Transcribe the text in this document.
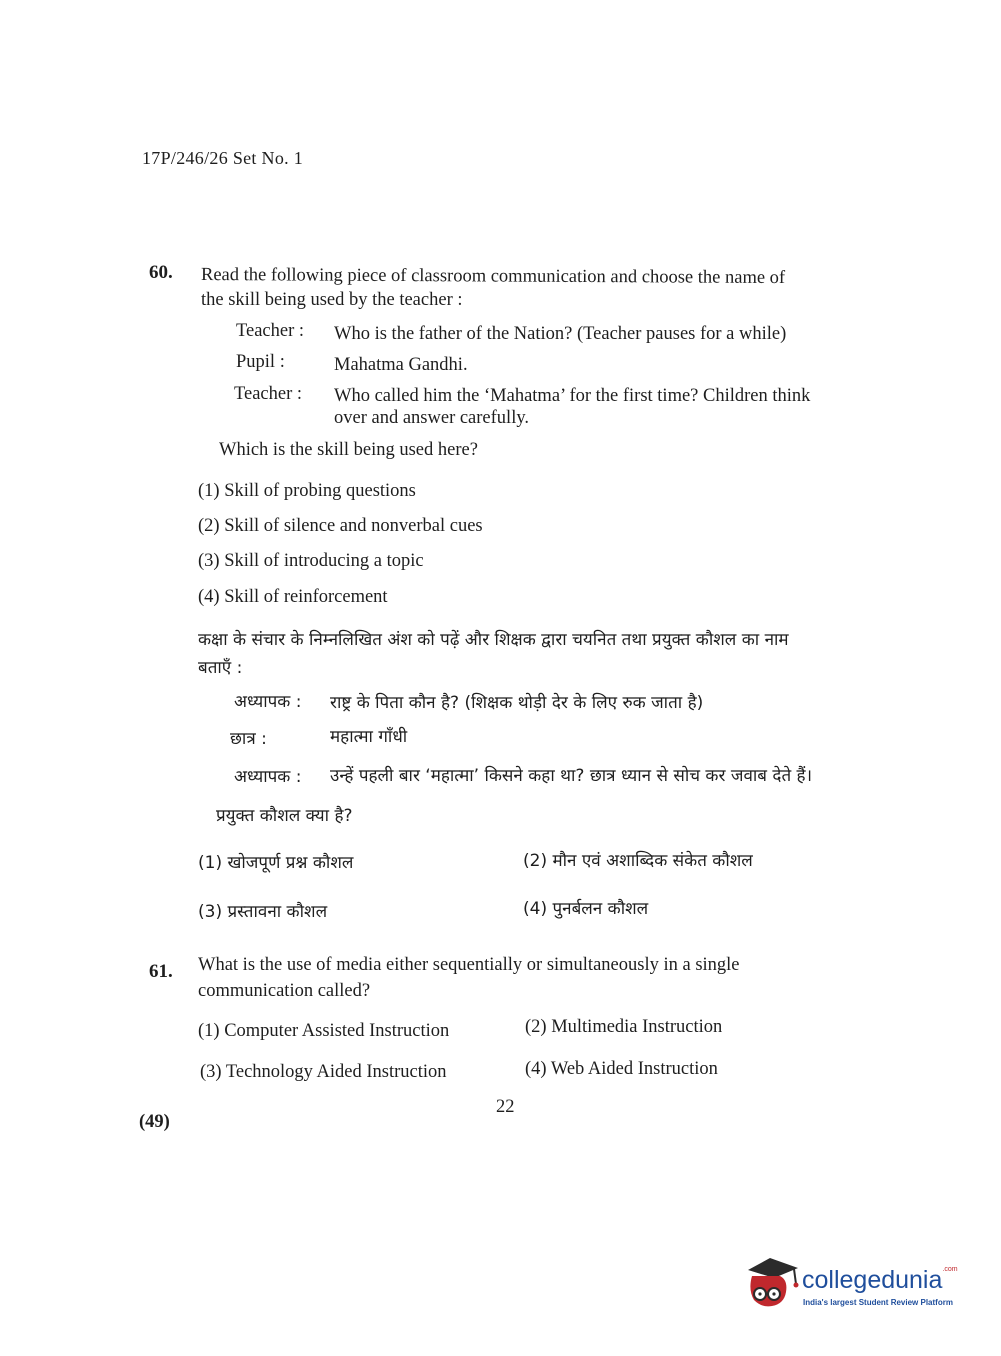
17P/246/26 Set No. 1
60. Read the following piece of classroom communication and choose the name of
the skill being used by the teacher :
Teacher : Who is the father of the Nation? (Teacher pauses for a while)
Pupil :	Mahatma Gandhi.
Teacher : Who called him the ‘Mahatma’ for the first time? Children think
over and answer carefully.
Which is the skill being used here?
(1) Skill of probing questions
(2) Skill of silence and nonverbal cues
(3) Skill of introducing a topic
(4) Skill of reinforcement
कक्षा के संचार के निम्नलिखित अंश को पढ़ें और शिक्षक द्वारा चयनित तथा प्रयुक्त कौशल का नाम
बताएँ :
अध्यापक : राष्ट्र के पिता कौन है? (शिक्षक थोड़ी देर के लिए रुक जाता है)
छात्र :	महात्मा गाँधी
अध्यापक : उन्हें पहली बार ‘महात्मा’ किसने कहा था? छात्र ध्यान से सोच कर जवाब देते हैं।
प्रयुक्त कौशल क्या है?
(1) खोजपूर्ण प्रश्न कौशल	(2) मौन एवं अशाब्दिक संकेत कौशल
(3) प्रस्तावना कौशल	(4) पुनर्बलन कौशल
61. What is the use of media either sequentially or simultaneously in a single
communication called?
(1) Computer Assisted Instruction	(2) Multimedia Instruction
(3) Technology Aided Instruction	(4) Web Aided Instruction
22
(49)
collegedunia$^{.com}$
India's largest Student Review Platform
